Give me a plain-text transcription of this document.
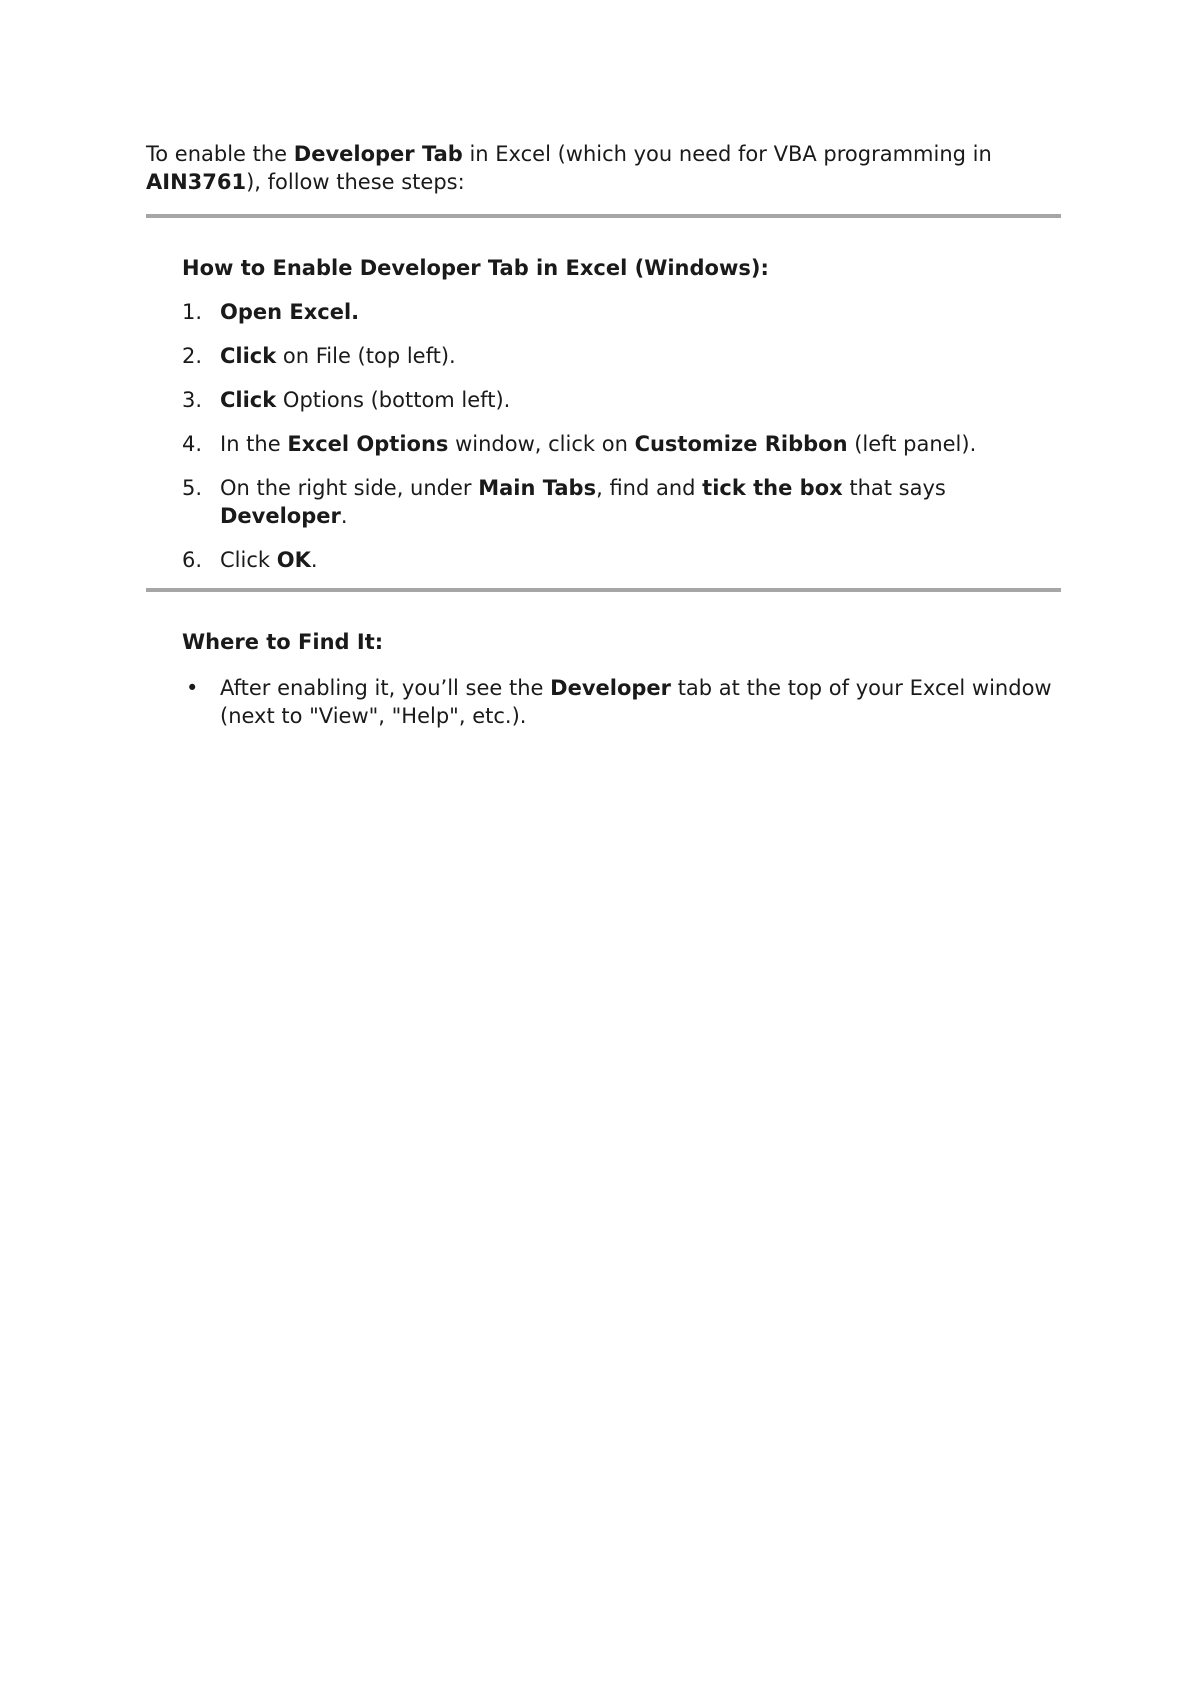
To enable the Developer Tab in Excel (which you need for VBA programming in AIN3761), follow these steps:

How to Enable Developer Tab in Excel (Windows):
1. Open Excel.
2. Click on File (top left).
3. Click Options (bottom left).
4. In the Excel Options window, click on Customize Ribbon (left panel).
5. On the right side, under Main Tabs, find and tick the box that says Developer.
6. Click OK.
Where to Find It:
• After enabling it, you’ll see the Developer tab at the top of your Excel window (next to "View", "Help", etc.).
